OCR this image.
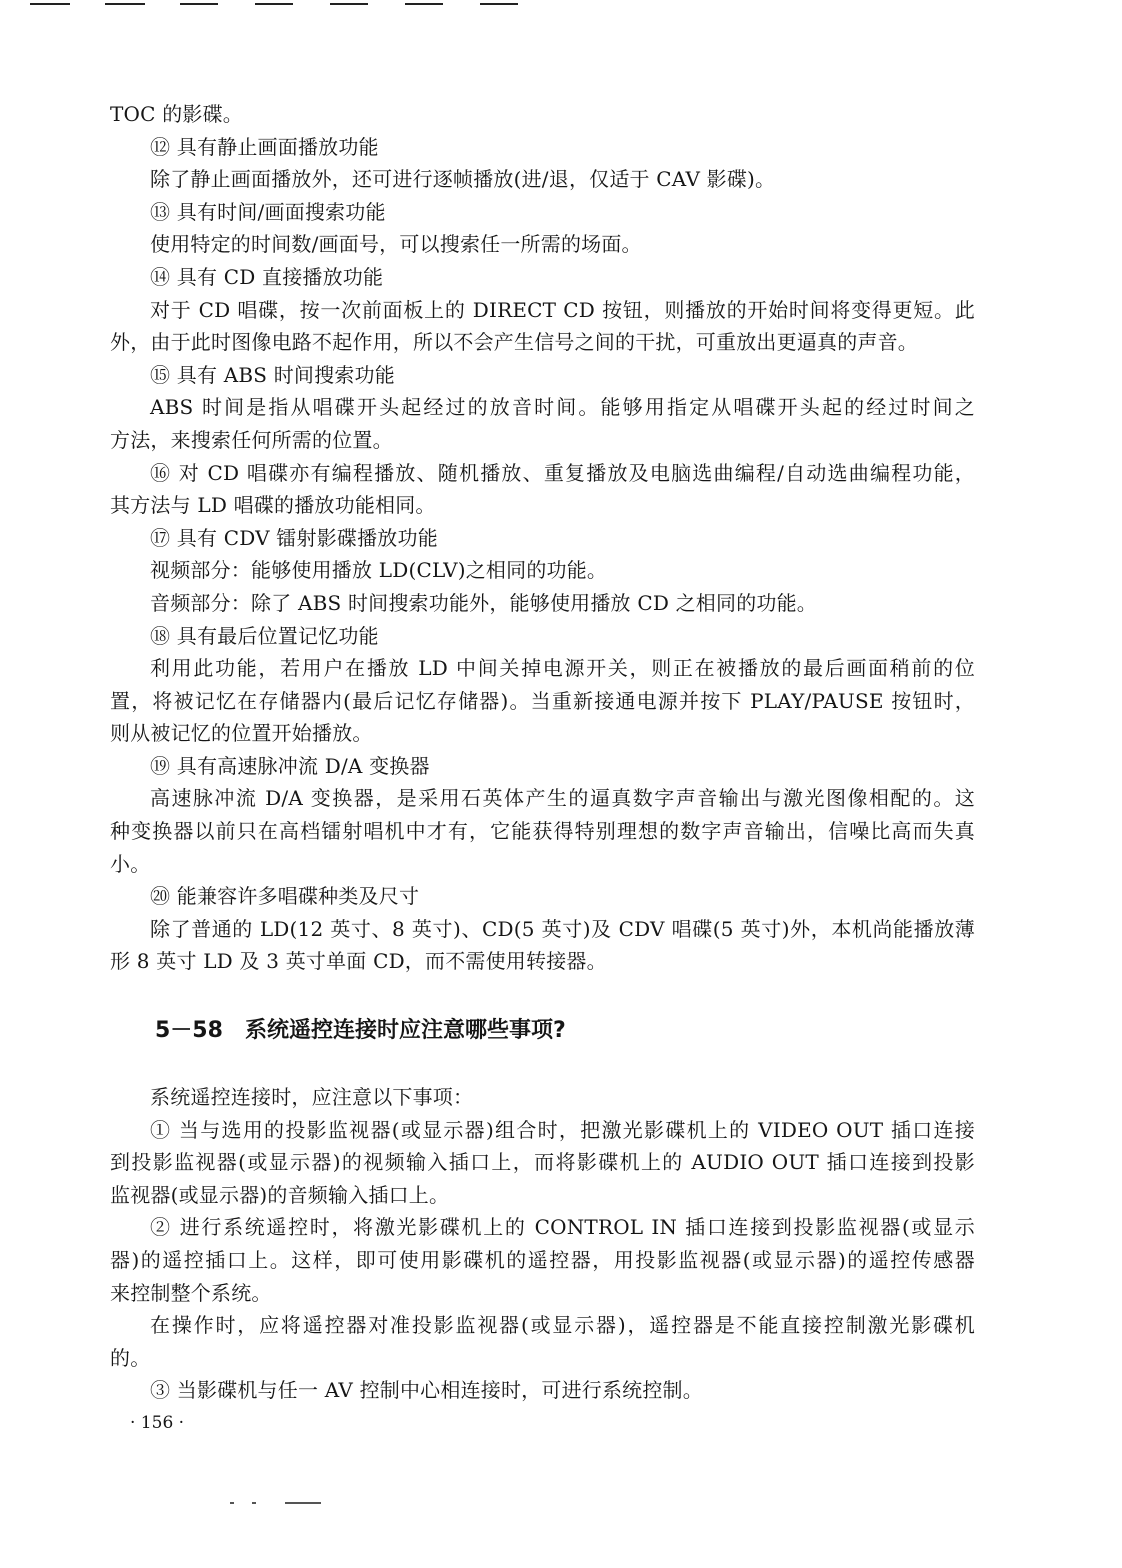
TOC 的影碟。
⑫ 具有静止画面播放功能
除了静止画面播放外，还可进行逐帧播放(进/退，仅适于 CAV 影碟)。
⑬ 具有时间/画面搜索功能
使用特定的时间数/画面号，可以搜索任一所需的场面。
⑭ 具有 CD 直接播放功能
对于 CD 唱碟，按一次前面板上的 DIRECT CD 按钮，则播放的开始时间将变得更短。此
外，由于此时图像电路不起作用，所以不会产生信号之间的干扰，可重放出更逼真的声音。
⑮ 具有 ABS 时间搜索功能
ABS 时间是指从唱碟开头起经过的放音时间。能够用指定从唱碟开头起的经过时间之
方法，来搜索任何所需的位置。
⑯ 对 CD 唱碟亦有编程播放、随机播放、重复播放及电脑选曲编程/自动选曲编程功能，
其方法与 LD 唱碟的播放功能相同。
⑰ 具有 CDV 镭射影碟播放功能
视频部分：能够使用播放 LD(CLV)之相同的功能。
音频部分：除了 ABS 时间搜索功能外，能够使用播放 CD 之相同的功能。
⑱ 具有最后位置记忆功能
利用此功能，若用户在播放 LD 中间关掉电源开关，则正在被播放的最后画面稍前的位
置，将被记忆在存储器内(最后记忆存储器)。当重新接通电源并按下 PLAY/PAUSE 按钮时，
则从被记忆的位置开始播放。
⑲ 具有高速脉冲流 D/A 变换器
高速脉冲流 D/A 变换器，是采用石英体产生的逼真数字声音输出与激光图像相配的。这
种变换器以前只在高档镭射唱机中才有，它能获得特别理想的数字声音输出，信噪比高而失真
小。
⑳ 能兼容许多唱碟种类及尺寸
除了普通的 LD(12 英寸、8 英寸)、CD(5 英寸)及 CDV 唱碟(5 英寸)外，本机尚能播放薄
形 8 英寸 LD 及 3 英寸单面 CD，而不需使用转接器。
5－58 系统遥控连接时应注意哪些事项?
系统遥控连接时，应注意以下事项：
① 当与选用的投影监视器(或显示器)组合时，把激光影碟机上的 VIDEO OUT 插口连接
到投影监视器(或显示器)的视频输入插口上，而将影碟机上的 AUDIO OUT 插口连接到投影
监视器(或显示器)的音频输入插口上。
② 进行系统遥控时，将激光影碟机上的 CONTROL IN 插口连接到投影监视器(或显示
器)的遥控插口上。这样，即可使用影碟机的遥控器，用投影监视器(或显示器)的遥控传感器
来控制整个系统。
在操作时，应将遥控器对准投影监视器(或显示器)，遥控器是不能直接控制激光影碟机
的。
③ 当影碟机与任一 AV 控制中心相连接时，可进行系统控制。
· 156 ·
